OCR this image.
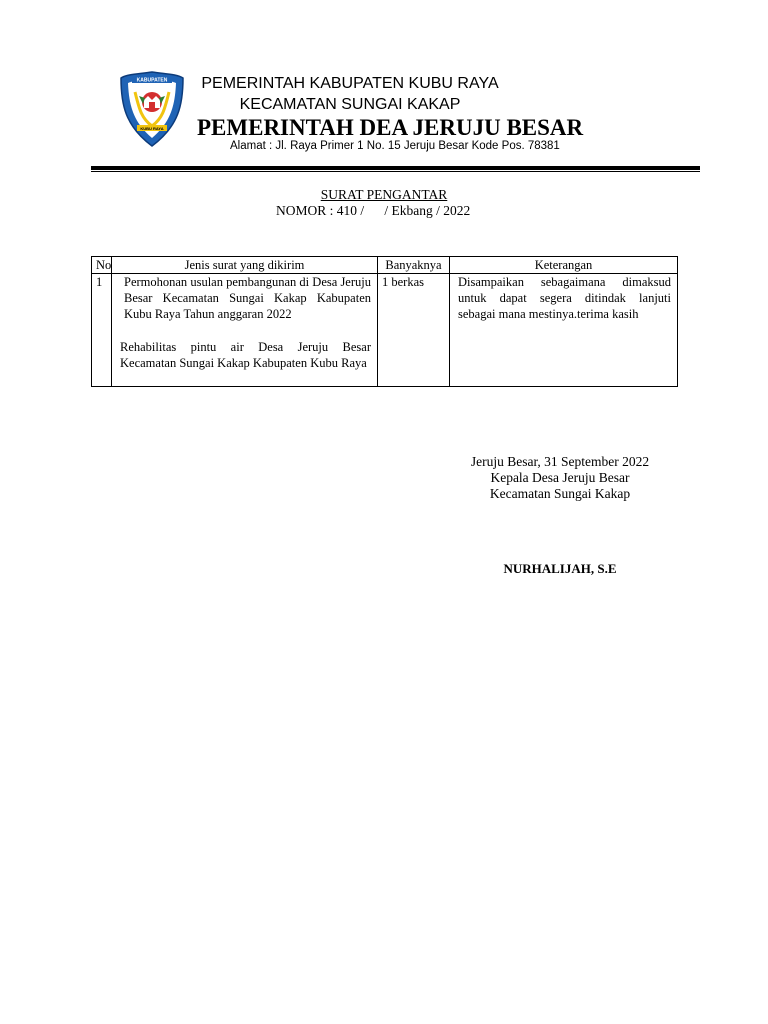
KABUPATEN
KUBU RAYA
PEMERINTAH KABUPATEN KUBU RAYA
KECAMATAN SUNGAI KAKAP
PEMERINTAH DEA JERUJU BESAR
Alamat : Jl. Raya Primer 1 No. 15 Jeruju Besar Kode Pos. 78381
SURAT PENGANTAR
NOMOR : 410 /      / Ekbang / 2022
No	Jenis surat yang dikirim	Banyaknya	Keterangan
1	Permohonan usulan pembangunan di Desa Jeruju Besar Kecamatan Sungai Kakap Kabupaten Kubu Raya Tahun anggaran 2022

Rehabilitas pintu air Desa Jeruju Besar Kecamatan Sungai Kakap Kabupaten Kubu Raya	1 berkas	Disampaikan sebagaimana dimaksud untuk dapat segera ditindak lanjuti sebagai mana mestinya.terima kasih

Jeruju Besar, 31 September 2022
Kepala Desa Jeruju Besar
Kecamatan Sungai Kakap
NURHALIJAH, S.E
